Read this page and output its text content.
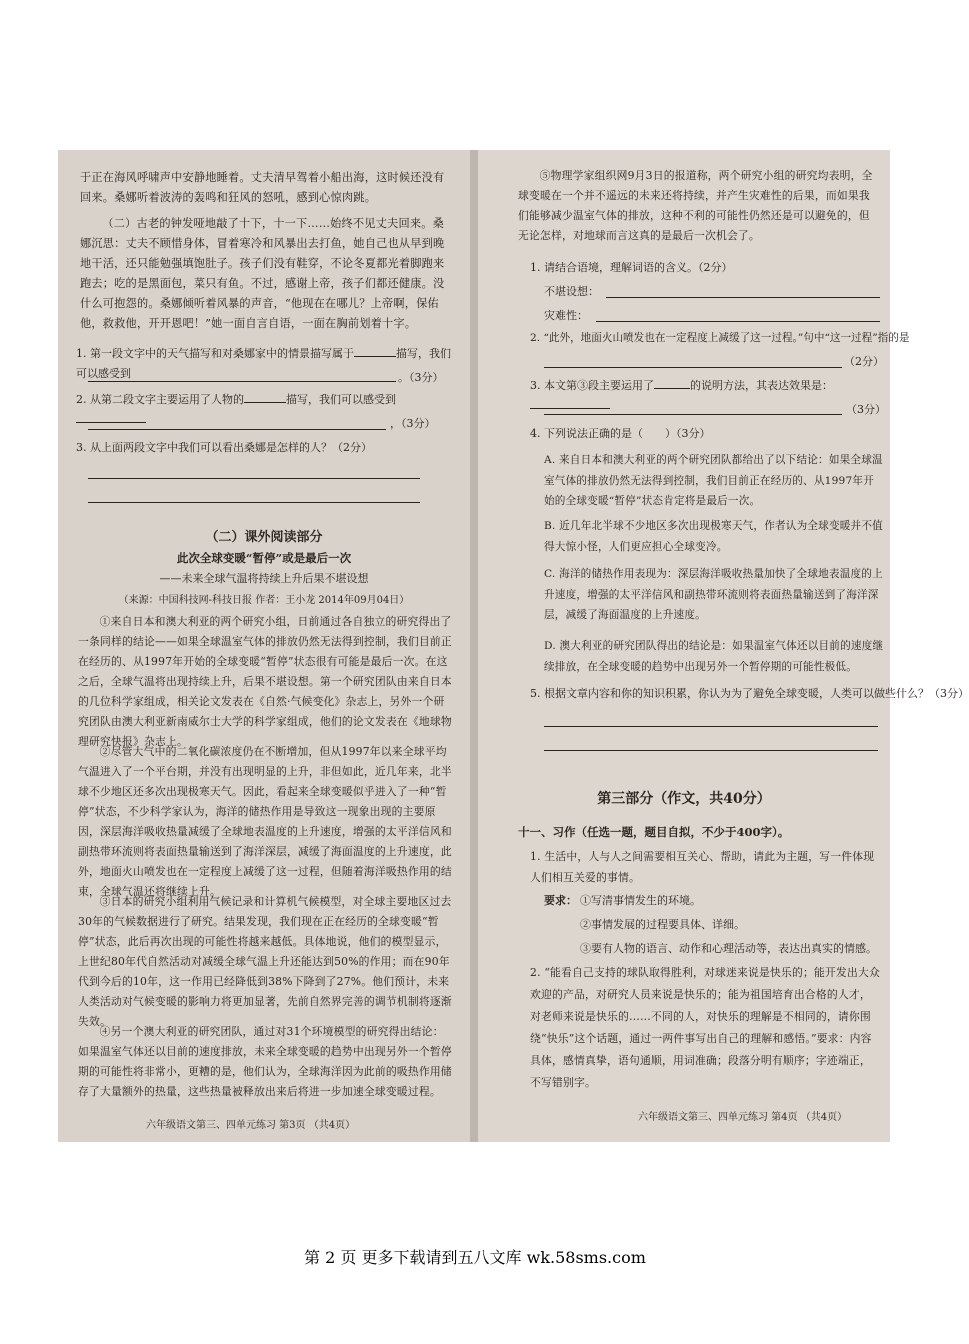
于正在海风呼啸声中安静地睡着。丈夫清早驾着小船出海，这时候还没有回来。桑娜听着波涛的轰鸣和狂风的怒吼，感到心惊肉跳。
（二）古老的钟发哑地敲了十下，十一下……始终不见丈夫回来。桑娜沉思：丈夫不顾惜身体，冒着寒冷和风暴出去打鱼，她自己也从早到晚地干活，还只能勉强填饱肚子。孩子们没有鞋穿，不论冬夏都光着脚跑来跑去；吃的是黑面包，菜只有鱼。不过，感谢上帝，孩子们都还健康。没什么可抱怨的。桑娜倾听着风暴的声音，“他现在在哪儿？上帝啊，保佑他，救救他，开开恩吧！”她一面自言自语，一面在胸前划着十字。
1. 第一段文字中的天气描写和对桑娜家中的情景描写属于	描写，我们可以感受到	。（3分）
2. 从第二段文字主要运用了人物的	描写，我们可以感受到
，（3分）
3. 从上面两段文字中我们可以看出桑娜是怎样的人？（2分）
（二）课外阅读部分
此次全球变暖“暂停”或是最后一次
——未来全球气温将持续上升后果不堪设想
（来源：中国科技网-科技日报 作者：王小龙 2014年09月04日）
①来自日本和澳大利亚的两个研究小组，日前通过各自独立的研究得出了一条同样的结论——如果全球温室气体的排放仍然无法得到控制，我们目前正在经历的、从1997年开始的全球变暖“暂停”状态很有可能是最后一次。在这之后，全球气温将出现持续上升，后果不堪设想。第一个研究团队由来自日本的几位科学家组成，相关论文发表在《自然·气候变化》杂志上，另外一个研究团队由澳大利亚新南威尔士大学的科学家组成，他们的论文发表在《地球物理研究快报》杂志上。
②尽管大气中的二氧化碳浓度仍在不断增加，但从1997年以来全球平均气温进入了一个平台期，并没有出现明显的上升，非但如此，近几年来，北半球不少地区还多次出现极寒天气。因此，看起来全球变暖似乎进入了一种“暂停”状态，不少科学家认为，海洋的储热作用是导致这一现象出现的主要原因，深层海洋吸收热量减缓了全球地表温度的上升速度，增强的太平洋信风和副热带环流则将表面热量输送到了海洋深层，减缓了海面温度的上升速度，此外，地面火山喷发也在一定程度上减缓了这一过程，但随着海洋吸热作用的结束，全球气温还将继续上升。
③日本的研究小组利用气候记录和计算机气候模型，对全球主要地区过去30年的气候数据进行了研究。结果发现，我们现在正在经历的全球变暖“暂停”状态，此后再次出现的可能性将越来越低。具体地说，他们的模型显示，上世纪80年代自然活动对减缓全球气温上升还能达到50%的作用；而在90年代到今后的10年，这一作用已经降低到38%下降到了27%。他们预计，未来人类活动对气候变暖的影响力将更加显著，先前自然界完善的调节机制将逐渐失效。
④另一个澳大利亚的研究团队，通过对31个环境模型的研究得出结论：如果温室气体还以目前的速度排放，未来全球变暖的趋势中出现另外一个暂停期的可能性将非常小，更糟的是，他们认为，全球海洋因为此前的吸热作用储存了大量额外的热量，这些热量被释放出来后将进一步加速全球变暖过程。
六年级语文第三、四单元练习 第3页 （共4页）
⑤物理学家组织网9月3日的报道称，两个研究小组的研究均表明，全球变暖在一个并不遥远的未来还将持续，并产生灾难性的后果，而如果我们能够减少温室气体的排放，这种不利的可能性仍然还是可以避免的，但无论怎样，对地球而言这真的是最后一次机会了。
1. 请结合语境，理解词语的含义。（2分）
不堪设想：
灾难性：
2. “此外，地面火山喷发也在一定程度上减缓了这一过程。”句中“这一过程”指的是
（2分）
3. 本文第③段主要运用了	的说明方法，其表达效果是：
（3分）
4. 下列说法正确的是（　　）（3分）
A. 来自日本和澳大利亚的两个研究团队都给出了以下结论：如果全球温室气体的排放仍然无法得到控制，我们目前正在经历的、从1997年开始的全球变暖“暂停”状态肯定将是最后一次。
B. 近几年北半球不少地区多次出现极寒天气，作者认为全球变暖并不值得大惊小怪，人们更应担心全球变冷。
C. 海洋的储热作用表现为：深层海洋吸收热量加快了全球地表温度的上升速度，增强的太平洋信风和副热带环流则将表面热量输送到了海洋深层，减缓了海面温度的上升速度。
D. 澳大利亚的研究团队得出的结论是：如果温室气体还以目前的速度继续排放，在全球变暖的趋势中出现另外一个暂停期的可能性极低。
5. 根据文章内容和你的知识积累，你认为为了避免全球变暖，人类可以做些什么？（3分）
第三部分（作文，共40分）
十一、习作（任选一题，题目自拟，不少于400字）。
1. 生活中，人与人之间需要相互关心、帮助，请此为主题，写一件体现人们相互关爱的事情。
要求： ①写清事情发生的环境。
②事情发展的过程要具体、详细。
③要有人物的语言、动作和心理活动等，表达出真实的情感。
2. “能看自己支持的球队取得胜利，对球迷来说是快乐的；能开发出大众欢迎的产品，对研究人员来说是快乐的；能为祖国培育出合格的人才，对老师来说是快乐的……不同的人，对快乐的理解是不相同的，请你围绕“快乐”这个话题，通过一两件事写出自己的理解和感悟。”要求：内容具体，感情真挚，语句通顺，用词准确；段落分明有顺序；字迹端正，不写错别字。
六年级语文第三、四单元练习 第4页 （共4页）
第 2 页 更多下载请到五八文库 wk.58sms.com
